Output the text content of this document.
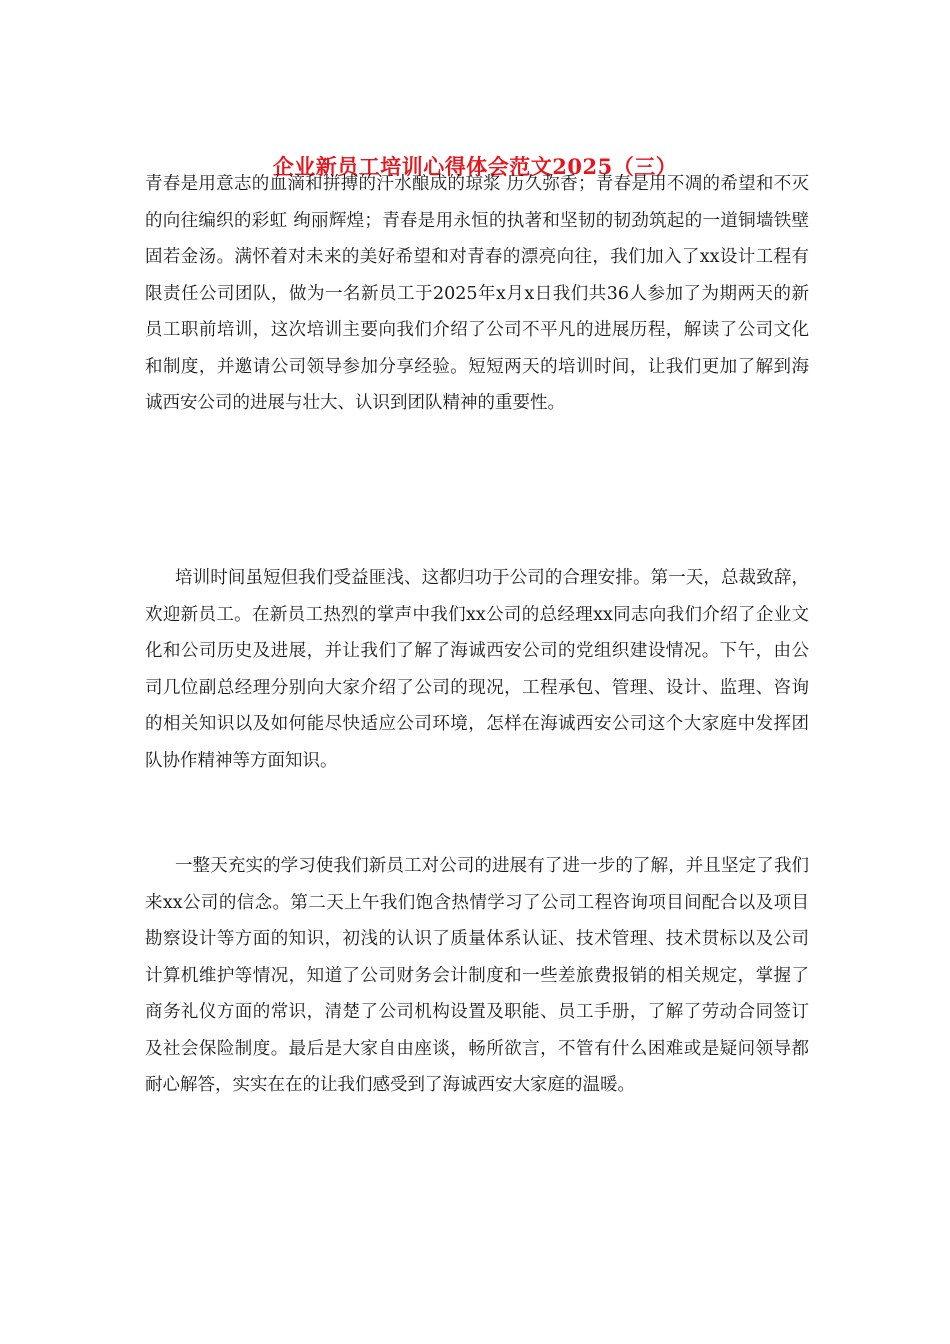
企业新员工培训心得体会范文2025（三）

青春是用意志的血滴和拼搏的汗水酿成的琼浆 历久弥香；青春是用不凋的希望和不灭的向往编织的彩虹 绚丽辉煌；青春是用永恒的执著和坚韧的韧劲筑起的一道铜墙铁壁 固若金汤。满怀着对未来的美好希望和对青春的漂亮向往，我们加入了xx设计工程有限责任公司团队，做为一名新员工于2025年x月x日我们共36人参加了为期两天的新员工职前培训，这次培训主要向我们介绍了公司不平凡的进展历程，解读了公司文化和制度，并邀请公司领导参加分享经验。短短两天的培训时间，让我们更加了解到海诚西安公司的进展与壮大、认识到团队精神的重要性。

培训时间虽短但我们受益匪浅、这都归功于公司的合理安排。第一天，总裁致辞，欢迎新员工。在新员工热烈的掌声中我们xx公司的总经理xx同志向我们介绍了企业文化和公司历史及进展，并让我们了解了海诚西安公司的党组织建设情况。下午，由公司几位副总经理分别向大家介绍了公司的现况，工程承包、管理、设计、监理、咨询的相关知识以及如何能尽快适应公司环境，怎样在海诚西安公司这个大家庭中发挥团队协作精神等方面知识。

一整天充实的学习使我们新员工对公司的进展有了进一步的了解，并且坚定了我们来xx公司的信念。第二天上午我们饱含热情学习了公司工程咨询项目间配合以及项目勘察设计等方面的知识，初浅的认识了质量体系认证、技术管理、技术贯标以及公司计算机维护等情况，知道了公司财务会计制度和一些差旅费报销的相关规定，掌握了商务礼仪方面的常识，清楚了公司机构设置及职能、员工手册，了解了劳动合同签订及社会保险制度。最后是大家自由座谈，畅所欲言，不管有什么困难或是疑问领导都耐心解答，实实在在的让我们感受到了海诚西安大家庭的温暖。
